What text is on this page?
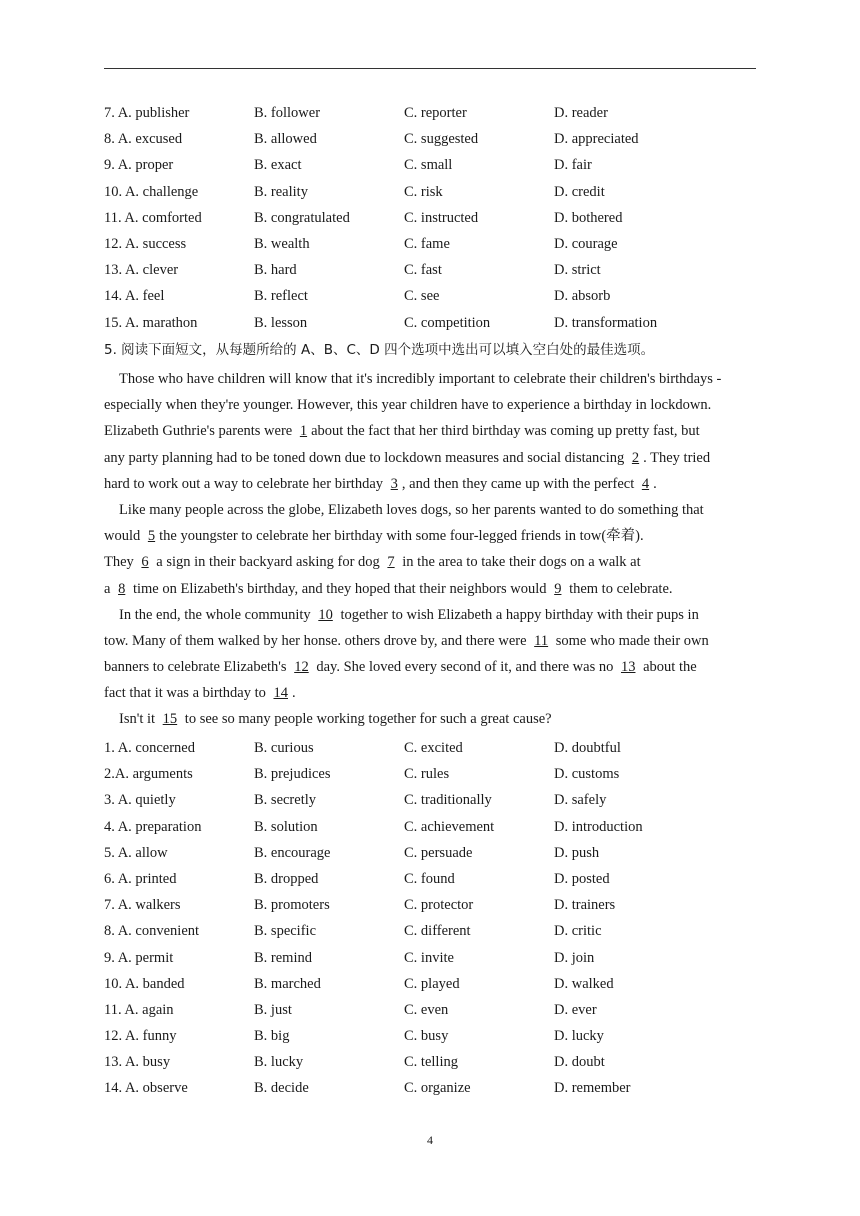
7. A. publisher	B. follower	C. reporter	D. reader
8. A. excused	B. allowed	C. suggested	D. appreciated
9. A. proper	B. exact	C. small	D. fair
10. A. challenge	B. reality	C. risk	D. credit
11. A. comforted	B. congratulated	C. instructed	D. bothered
12. A. success	B. wealth	C. fame	D. courage
13. A. clever	B. hard	C. fast	D. strict
14. A. feel	B. reflect	C. see	D. absorb
15. A. marathon	B. lesson	C. competition	D. transformation
5. 阅读下面短文，从每题所给的 A、B、C、D 四个选项中选出可以填入空白处的最佳选项。
Those who have children will know that it's incredibly important to celebrate their children's birthdays -
especially when they're younger. However, this year children have to experience a birthday in lockdown.
Elizabeth Guthrie's parents were 1 about the fact that her third birthday was coming up pretty fast, but
any party planning had to be toned down due to lockdown measures and social distancing 2 . They tried
hard to work out a way to celebrate her birthday 3 , and then they came up with the perfect 4 .
Like many people across the globe, Elizabeth loves dogs, so her parents wanted to do something that
would 5 the youngster to celebrate her birthday with some four-legged friends in tow(牵着).
They 6 a sign in their backyard asking for dog 7 in the area to take their dogs on a walk at
a 8 time on Elizabeth's birthday, and they hoped that their neighbors would 9 them to celebrate.
In the end, the whole community 10 together to wish Elizabeth a happy birthday with their pups in
tow. Many of them walked by her honse. others drove by, and there were 11 some who made their own
banners to celebrate Elizabeth's 12 day. She loved every second of it, and there was no 13 about the
fact that it was a birthday to 14 .
Isn't it 15 to see so many people working together for such a great cause?
1. A. concerned	B. curious	C. excited	D. doubtful
2.A. arguments	B. prejudices	C. rules	D. customs
3. A. quietly	B. secretly	C. traditionally	D. safely
4. A. preparation	B. solution	C. achievement	D. introduction
5. A. allow	B. encourage	C. persuade	D. push
6. A. printed	B. dropped	C. found	D. posted
7. A. walkers	B. promoters	C. protector	D. trainers
8. A. convenient	B. specific	C. different	D. critic
9. A. permit	B. remind	C. invite	D. join
10. A. banded	B. marched	C. played	D. walked
11. A. again	B. just	C. even	D. ever
12. A. funny	B. big	C. busy	D. lucky
13. A. busy	B. lucky	C. telling	D. doubt
14. A. observe	B. decide	C. organize	D. remember
4
